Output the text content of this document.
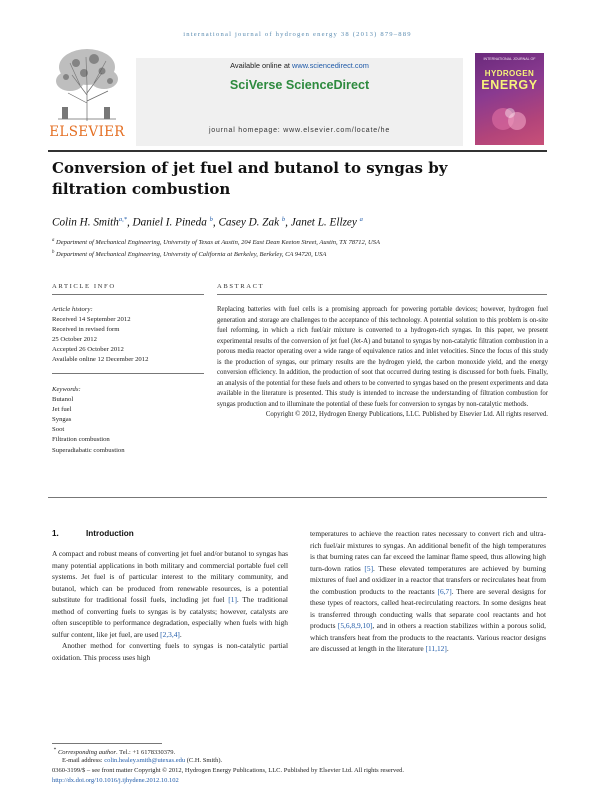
international journal of hydrogen energy 38 (2013) 879–889
ELSEVIER
Available online at www.sciencedirect.com
SciVerse ScienceDirect
journal homepage: www.elsevier.com/locate/he
INTERNATIONAL JOURNAL OF
HYDROGEN
ENERGY
Conversion of jet fuel and butanol to syngas by filtration combustion
Colin H. Smith$^{a,*}$, Daniel I. Pineda $^b$, Casey D. Zak $^b$, Janet L. Ellzey $^a$
$^a$ Department of Mechanical Engineering, University of Texas at Austin, 204 East Dean Keeton Street, Austin, TX 78712, USA
$^b$ Department of Mechanical Engineering, University of California at Berkeley, Berkeley, CA 94720, USA
ARTICLE INFO	ABSTRACT
Article history:
Received 14 September 2012
Received in revised form
25 October 2012
Accepted 26 October 2012
Available online 12 December 2012
Keywords:
Butanol
Jet fuel
Syngas
Soot
Filtration combustion
Superadiabatic combustion
Replacing batteries with fuel cells is a promising approach for powering portable devices; however, hydrogen fuel generation and storage are challenges to the acceptance of this technology. A potential solution to this problem is on-site fuel reforming, in which a rich fuel/air mixture is converted to a hydrogen-rich syngas. In this paper, we present experimental results of the conversion of jet fuel (Jet-A) and butanol to syngas by non-catalytic filtration combustion in a porous media reactor operating over a wide range of equivalence ratios and inlet velocities. Since the focus of this study is the production of syngas, our primary results are the hydrogen yield, the carbon monoxide yield, and the energy conversion efficiency. In addition, the production of soot that occurred during testing is discussed for both fuels. Finally, an analysis of the potential for these fuels and others to be converted to syngas based on the present experiments and data available in the literature is presented. This study is intended to increase the understanding of filtration combustion for syngas production and to illuminate the potential of these fuels for conversion to syngas by non-catalytic methods.
Copyright © 2012, Hydrogen Energy Publications, LLC. Published by Elsevier Ltd. All rights reserved.
1.	Introduction

A compact and robust means of converting jet fuel and/or butanol to syngas has many potential applications in both military and commercial portable fuel cell systems. Jet fuel is of particular interest to the military community, and butanol, which can be produced from renewable resources, is a potential substitute for traditional fossil fuels, including jet fuel [1]. The traditional method of converting fuels to syngas is by catalysts; however, catalysts are often susceptible to performance degradation, especially when fuels with high sulfur content, like jet fuel, are used [2,3,4].

Another method for converting fuels to syngas is non-catalytic partial oxidation. This process uses high

temperatures to achieve the reaction rates necessary to convert rich and ultra-rich fuel/air mixtures to syngas. An additional benefit of the high temperatures is that burning rates can far exceed the laminar flame speed, thus allowing high turn-down ratios [5]. These elevated temperatures are achieved by burning mixtures of fuel and oxidizer in a reactor that transfers or recirculates heat from the combustion products to the reactants [6,7]. There are several designs for these types of reactors, called heat-recirculating reactors. In some designs heat is transferred through conducting walls that separate cool reactants and hot products [5,6,8,9,10], and in others a reaction stabilizes within a porous solid, which transfers heat from the products to the reactants. Various reactor designs are discussed at length in the literature [11,12].

* Corresponding author. Tel.: +1 6178330379.
E-mail address: colin.healey.smith@utexas.edu (C.H. Smith).
0360-3199/$ – see front matter Copyright © 2012, Hydrogen Energy Publications, LLC. Published by Elsevier Ltd. All rights reserved.
http://dx.doi.org/10.1016/j.ijhydene.2012.10.102
